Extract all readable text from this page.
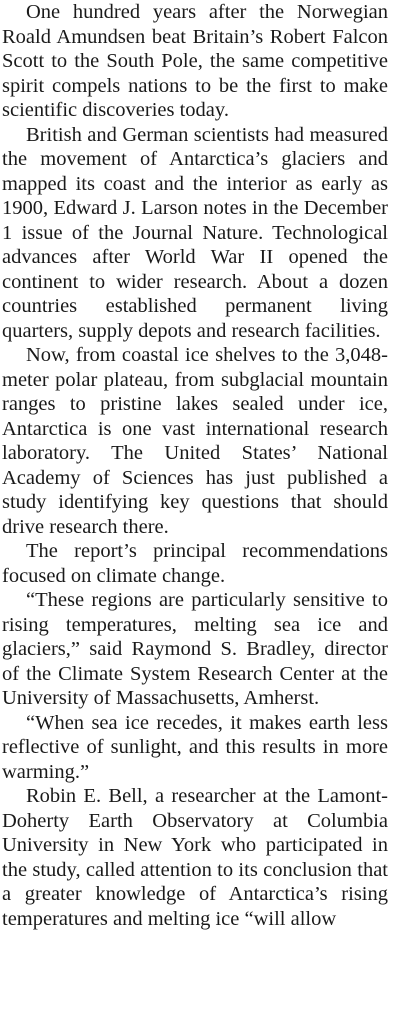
One hundred years after the Norwegian Roald Amundsen beat Britain’s Robert Falcon Scott to the South Pole, the same competitive spirit compels nations to be the first to make scientific discoveries today.

British and German scientists had measured the movement of Antarctica’s glaciers and mapped its coast and the interior as early as 1900, Edward J. Larson notes in the December 1 issue of the Journal Nature. Technological advances after World War II opened the continent to wider research. About a dozen countries established permanent living quarters, supply depots and research facilities.

Now, from coastal ice shelves to the 3,048-meter polar plateau, from subglacial mountain ranges to pristine lakes sealed under ice, Antarctica is one vast international research laboratory. The United States’ National Academy of Sciences has just published a study identifying key questions that should drive research there.

The report’s principal recommendations focused on climate change.

“These regions are particularly sensitive to rising temperatures, melting sea ice and glaciers,” said Raymond S. Bradley, director of the Climate System Research Center at the University of Massachusetts, Amherst.

“When sea ice recedes, it makes earth less reflective of sunlight, and this results in more warming.”

Robin E. Bell, a researcher at the Lamont-Doherty Earth Observatory at Columbia University in New York who participated in the study, called attention to its conclusion that a greater knowledge of Antarctica’s rising temperatures and melting ice “will allow
